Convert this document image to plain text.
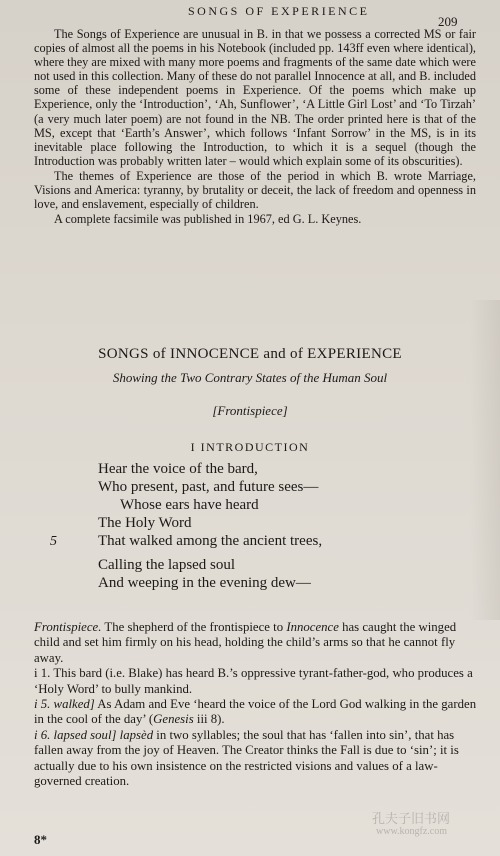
SONGS OF EXPERIENCE
209

The Songs of Experience are unusual in B. in that we possess a corrected MS or fair copies of almost all the poems in his Notebook (included pp. 143ff even where identical), where they are mixed with many more poems and fragments of the same date which were not used in this collection. Many of these do not parallel Innocence at all, and B. included some of these independent poems in Experience. Of the poems which make up Experience, only the ‘Introduction’, ‘Ah, Sunflower’, ‘A Little Girl Lost’ and ‘To Tirzah’ (a very much later poem) are not found in the NB. The order printed here is that of the MS, except that ‘Earth’s Answer’, which follows ‘Infant Sorrow’ in the MS, is in its inevitable place following the Introduction, to which it is a sequel (though the Introduction was probably written later – would which explain some of its obscurities).

The themes of Experience are those of the period in which B. wrote Marriage, Visions and America: tyranny, by brutality or deceit, the lack of freedom and openness in love, and enslavement, especially of children.

A complete facsimile was published in 1967, ed G. L. Keynes.

SONGS of INNOCENCE and of EXPERIENCE
Showing the Two Contrary States of the Human Soul
[Frontispiece]
I INTRODUCTION
Hear the voice of the bard,
Who present, past, and future sees—
Whose ears have heard
The Holy Word
That walked among the ancient trees,
Calling the lapsed soul
And weeping in the evening dew—
5

Frontispiece. The shepherd of the frontispiece to Innocence has caught the winged child and set him firmly on his head, holding the child’s arms so that he cannot fly away.

i 1. This bard (i.e. Blake) has heard B.’s oppressive tyrant-father-god, who produces a ‘Holy Word’ to bully mankind.

i 5. walked] As Adam and Eve ‘heard the voice of the Lord God walking in the garden in the cool of the day’ (Genesis iii 8).

i 6. lapsed soul] lapsèd in two syllables; the soul that has ‘fallen into sin’, that has fallen away from the joy of Heaven. The Creator thinks the Fall is due to ‘sin’; it is actually due to his own insistence on the restricted visions and values of a law-governed creation.

8*
孔夫子旧书网
www.kongfz.com
